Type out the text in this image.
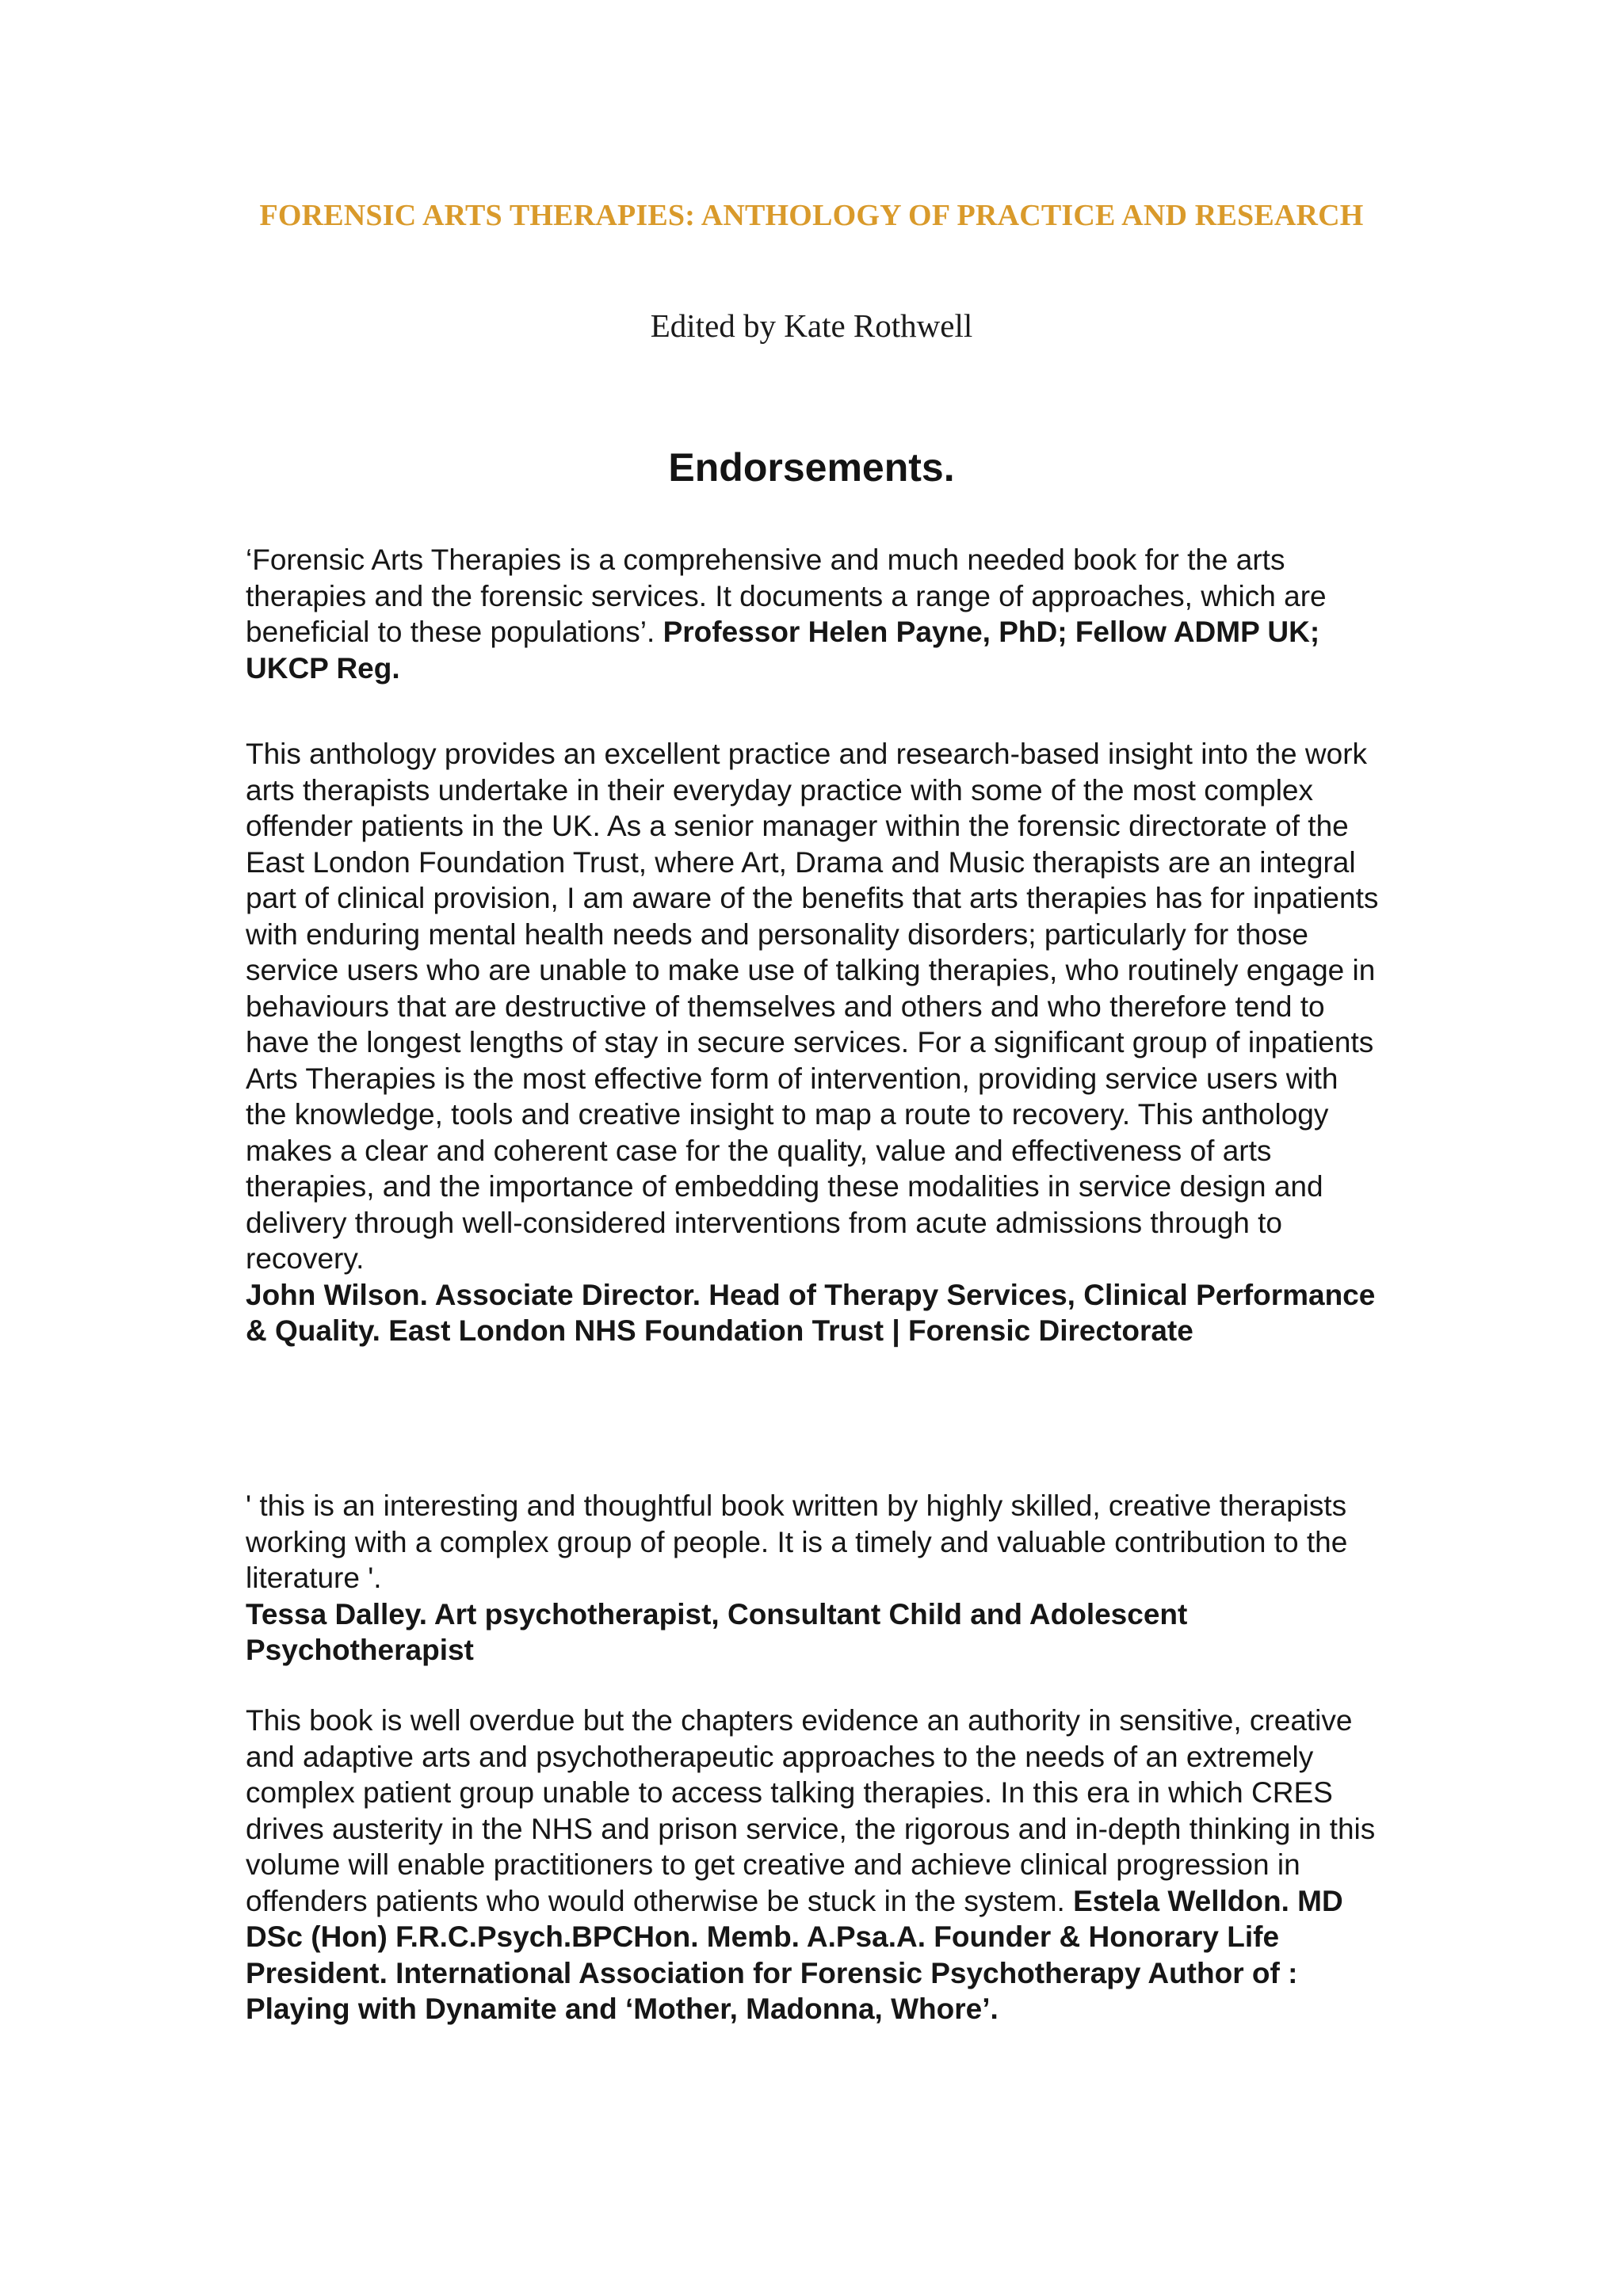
FORENSIC ARTS THERAPIES: ANTHOLOGY OF PRACTICE AND RESEARCH

Edited by Kate Rothwell

Endorsements.

‘Forensic Arts Therapies is a comprehensive and much needed book for the arts therapies and the forensic services. It documents a range of approaches, which are beneficial to these populations’. Professor Helen Payne, PhD; Fellow ADMP UK; UKCP Reg.

This anthology provides an excellent practice and research-based insight into the work arts therapists undertake in their everyday practice with some of the most complex offender patients in the UK. As a senior manager within the forensic directorate of the East London Foundation Trust, where Art, Drama and Music therapists are an integral part of clinical provision, I am aware of the benefits that arts therapies has for inpatients with enduring mental health needs and personality disorders; particularly for those service users who are unable to make use of talking therapies, who routinely engage in behaviours that are destructive of themselves and others and who therefore tend to have the longest lengths of stay in secure services. For a significant group of inpatients Arts Therapies is the most effective form of intervention, providing service users with the knowledge, tools and creative insight to map a route to recovery. This anthology makes a clear and coherent case for the quality, value and effectiveness of arts therapies, and the importance of embedding these modalities in service design and delivery through well-considered interventions from acute admissions through to recovery.
John Wilson. Associate Director. Head of Therapy Services, Clinical Performance & Quality. East London NHS Foundation Trust | Forensic Directorate
' this is an interesting and thoughtful book written by highly skilled, creative therapists working with a complex group of people. It is a timely and valuable contribution to the literature '.
Tessa Dalley. Art psychotherapist, Consultant Child and Adolescent Psychotherapist

This book is well overdue but the chapters evidence an authority in sensitive, creative and adaptive arts and psychotherapeutic approaches to the needs of an extremely complex patient group unable to access talking therapies. In this era in which CRES drives austerity in the NHS and prison service, the rigorous and in-depth thinking in this volume will enable practitioners to get creative and achieve clinical progression in offenders patients who would otherwise be stuck in the system. Estela Welldon. MD DSc (Hon) F.R.C.Psych.BPCHon. Memb. A.Psa.A. Founder & Honorary Life President. International Association for Forensic Psychotherapy Author of : Playing with Dynamite and ‘Mother, Madonna, Whore’.
